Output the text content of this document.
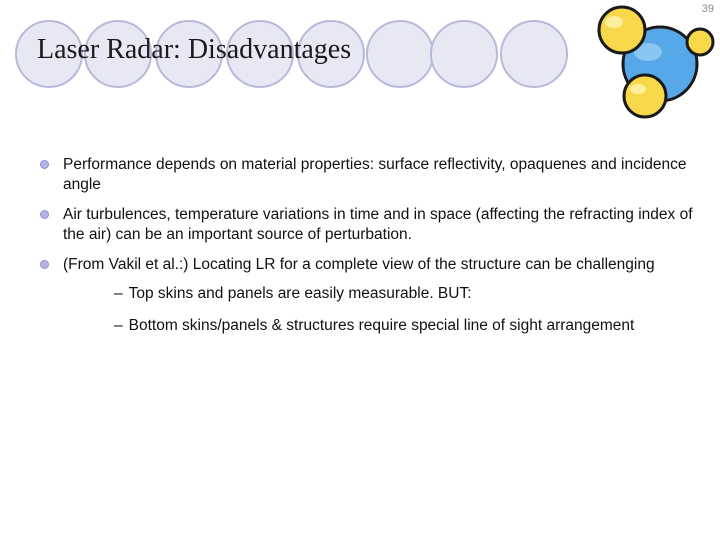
39
Laser Radar: Disadvantages
Performance depends on material properties: surface reflectivity, opaquenes and incidence angle
Air turbulences, temperature variations in time and in space (affecting the refracting index of the air) can be an important source of perturbation.
(From Vakil et al.:) Locating LR for a complete view of the structure can be challenging
– Top skins and panels are easily measurable. BUT:
– Bottom skins/panels & structures require special line of sight arrangement
